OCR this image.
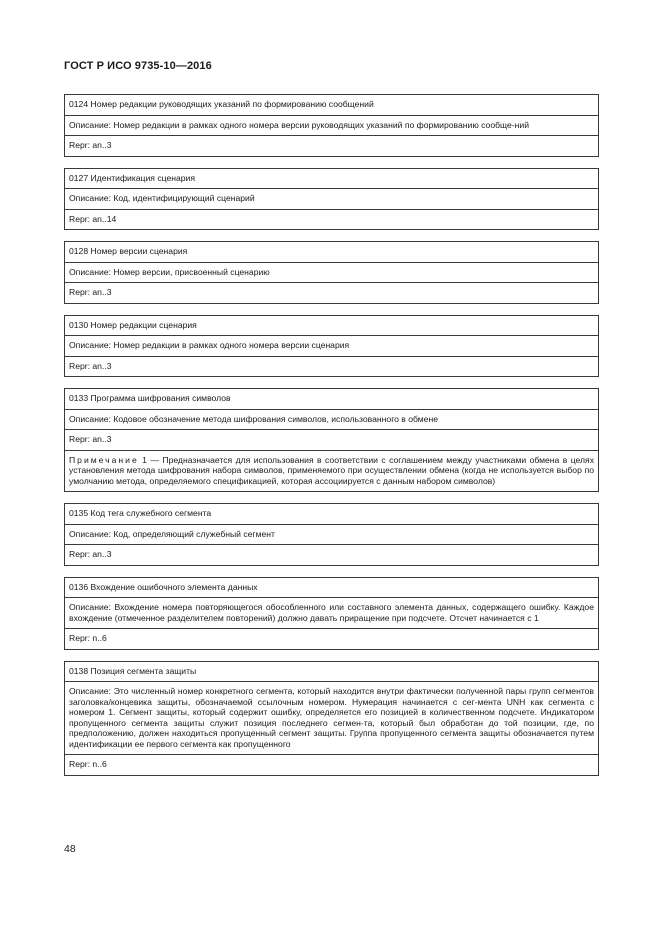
ГОСТ Р ИСО 9735-10—2016
0124 Номер редакции руководящих указаний по формированию сообщений
Описание: Номер редакции в рамках одного номера версии руководящих указаний по формированию сообще-ний
Repr: an..3
0127 Идентификация сценария
Описание: Код, идентифицирующий сценарий
Repr: an..14
0128 Номер версии сценария
Описание: Номер версии, присвоенный сценарию
Repr: an..3
0130 Номер редакции сценария
Описание: Номер редакции в рамках одного номера версии сценария
Repr: an..3
0133 Программа шифрования символов
Описание: Кодовое обозначение метода шифрования символов, использованного в обмене
Repr: an..3
Примечание 1 — Предназначается для использования в соответствии с соглашением между участниками обмена в целях установления метода шифрования набора символов, применяемого при осуществлении обмена (когда не используется выбор по умолчанию метода, определяемого спецификацией, которая ассоциируется с данным набором символов)
0135 Код тега служебного сегмента
Описание: Код, определяющий служебный сегмент
Repr: an..3
0136 Вхождение ошибочного элемента данных
Описание: Вхождение номера повторяющегося обособленного или составного элемента данных, содержащего ошибку. Каждое вхождение (отмеченное разделителем повторений) должно давать приращение при подсчете. Отсчет начинается с 1
Repr: n..6
0138 Позиция сегмента защиты
Описание: Это численный номер конкретного сегмента, который находится внутри фактически полученной пары групп сегментов заголовка/концевика защиты, обозначаемой ссылочным номером. Нумерация начинается с сег-мента UNH как сегмента с номером 1. Сегмент защиты, который содержит ошибку, определяется его позицией в количественном подсчете. Индикатором пропущенного сегмента защиты служит позиция последнего сегмен-та, который был обработан до той позиции, где, по предположению, должен находиться пропущенный сегмент защиты. Группа пропущенного сегмента защиты обозначается путем идентификации ее первого сегмента как пропущенного
Repr: n..6
48
